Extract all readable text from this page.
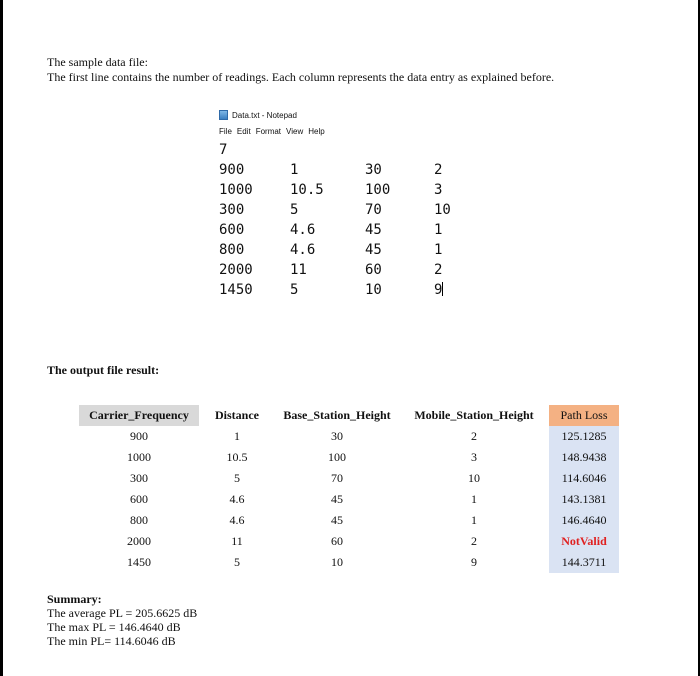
The sample data file:
The first line contains the number of readings. Each column represents the data entry as explained before.
Data.txt - Notepad
File Edit Format View Help
7
900	1	30	2
1000	10.5	100	3
300	5	70	10
600	4.6	45	1
800	4.6	45	1
2000	11	60	2
1450	5	10	9
The output file result:
Carrier_Frequency	Distance	Base_Station_Height	Mobile_Station_Height	Path Loss
900	1	30	2	125.1285
1000	10.5	100	3	148.9438
300	5	70	10	114.6046
600	4.6	45	1	143.1381
800	4.6	45	1	146.4640
2000	11	60	2	NotValid
1450	5	10	9	144.3711
Summary:
The average PL = 205.6625 dB
The max PL = 146.4640 dB
The min PL= 114.6046 dB
